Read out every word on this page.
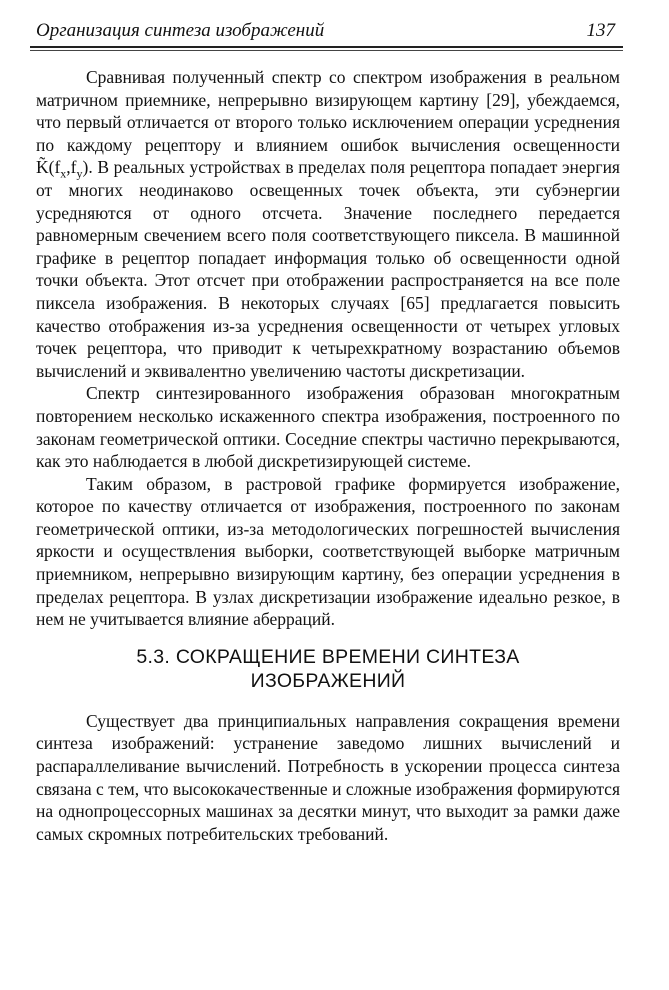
Организация синтеза изображений	137

Сравнивая полученный спектр со спектром изображения в реальном матричном приемнике, непрерывно визирующем картину [29], убеждаемся, что первый отличается от второго только исключением операции усреднения по каждому рецептору и влиянием ошибок вычисления освещенности $K̃(f_x,f_y)$. В реальных устройствах в пределах поля рецептора попадает энергия от многих неодинаково освещенных точек объекта, эти субэнергии усредняются от одного отсчета. Значение последнего передается равномерным свечением всего поля соответствующего пиксела. В машинной графике в рецептор попадает информация только об освещенности одной точки объекта. Этот отсчет при отображении распространяется на все поле пиксела изображения. В некоторых случаях [65] предлагается повысить качество отображения из-за усреднения освещенности от четырех угловых точек рецептора, что приводит к четырехкратному возрастанию объемов вычислений и эквивалентно увеличению частоты дискретизации.

Спектр синтезированного изображения образован многократным повторением несколько искаженного спектра изображения, построенного по законам геометрической оптики. Соседние спектры частично перекрываются, как это наблюдается в любой дискретизирующей системе.

Таким образом, в растровой графике формируется изображение, которое по качеству отличается от изображения, построенного по законам геометрической оптики, из-за методологических погрешностей вычисления яркости и осуществления выборки, соответствующей выборке матричным приемником, непрерывно визирующим картину, без операции усреднения в пределах рецептора. В узлах дискретизации изображение идеально резкое, в нем не учитывается влияние аберраций.

5.3. СОКРАЩЕНИЕ ВРЕМЕНИ СИНТЕЗА
ИЗОБРАЖЕНИЙ

Существует два принципиальных направления сокращения времени синтеза изображений: устранение заведомо лишних вычислений и распараллеливание вычислений. Потребность в ускорении процесса синтеза связана с тем, что высококачественные и сложные изображения формируются на однопроцессорных машинах за десятки минут, что выходит за рамки даже самых скромных потребительских требований.
